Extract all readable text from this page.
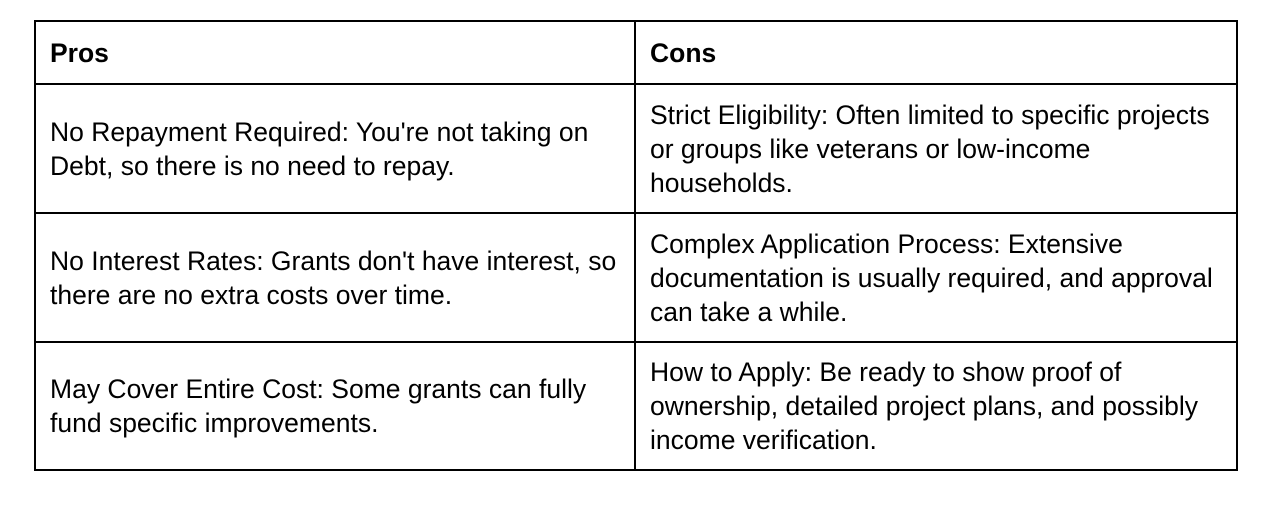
Pros	Cons
No Repayment Required: You're not taking on Debt, so there is no need to repay.	Strict Eligibility: Often limited to specific projects or groups like veterans or low-income households.
No Interest Rates: Grants don't have interest, so there are no extra costs over time.	Complex Application Process: Extensive documentation is usually required, and approval can take a while.
May Cover Entire Cost: Some grants can fully fund specific improvements.	How to Apply: Be ready to show proof of ownership, detailed project plans, and possibly income verification.
